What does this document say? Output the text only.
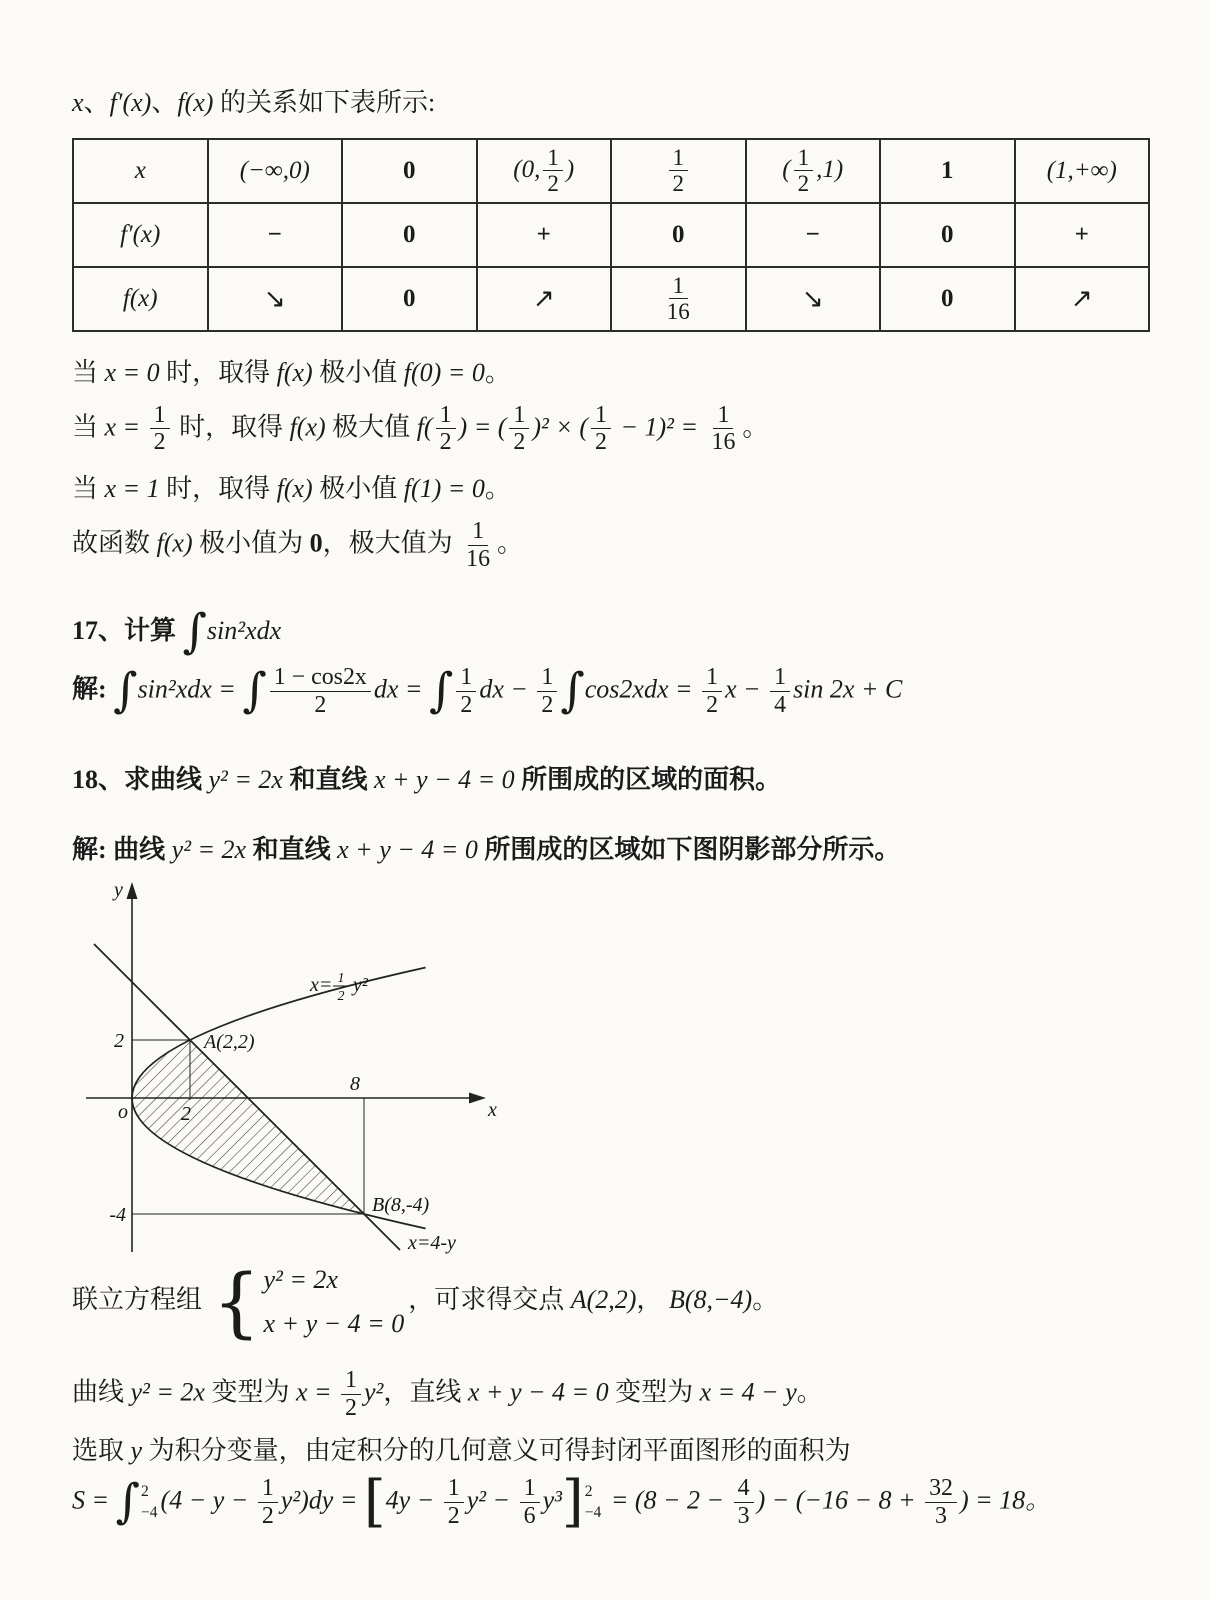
x、f′(x)、f(x) 的关系如下表所示:
x	(−∞,0)	0	(0, $\frac{1}{2}$ )	$\frac{1}{2}$	( $\frac{1}{2} ,1$)	1	(1,+∞)
f′(x)	−	0	+	0	−	0	+
f(x)	↘	0	↗	$\frac{1}{16}$	↘	0	↗
当 x = 0 时，取得 f(x) 极小值 f(0) = 0。
当 $x = \frac{1}{2}$ 时，取得 f(x) 极大值 $f( \frac{1}{2}$ ) = ( $\frac{1}{2} )^2$ × ( $\frac{1}{2} - 1)^2 = \frac{1}{16}$ 。
当 x = 1 时，取得 f(x) 极小值 f(1) = 0。
故函数 f(x) 极小值为 0，极大值为 $\frac{1}{16}$ 。
17、计算 ∫ sin²xdx
解: ∫ sin²xdx = ∫ $\frac{1 - \cos 2x}{2}$ dx = ∫ $\frac{1}{2}$ dx − $\frac{1}{2}$ ∫ $\cos 2xdx = \frac{1}{2}$ $x - \frac{1}{4}$ sin 2x + C
18、求曲线 y² = 2x 和直线 x + y − 4 = 0 所围成的区域的面积。
解: 曲线 y² = 2x 和直线 x + y − 4 = 0 所围成的区域如下图阴影部分所示。
y
x
o
2
2
8
-4
A(2,2)
B(8,-4)
x= 1
2
y²
x=4-y
联立方程组 { y² = 2x
x + y − 4 = 0
，可求得交点 A(2,2)， B(8,−4)。
曲线 y² = 2x 变型为 $x = \frac{1}{2} y^2$，直线 x + y − 4 = 0 变型为 x = 4 − y。
选取 y 为积分变量，由定积分的几何意义可得封闭平面图形的面积为
S = ∫ 2
−4 $(4 - y - \frac{1}{2} y^2)dy = [4y - \frac{1}{2} y^2 - \frac{1}{6} y^3$ ] 2
$-4 = (8 - 2 - \frac{4}{3}$ ) − ($-16 - 8 + \frac{32}{3}$ ) = 18。
